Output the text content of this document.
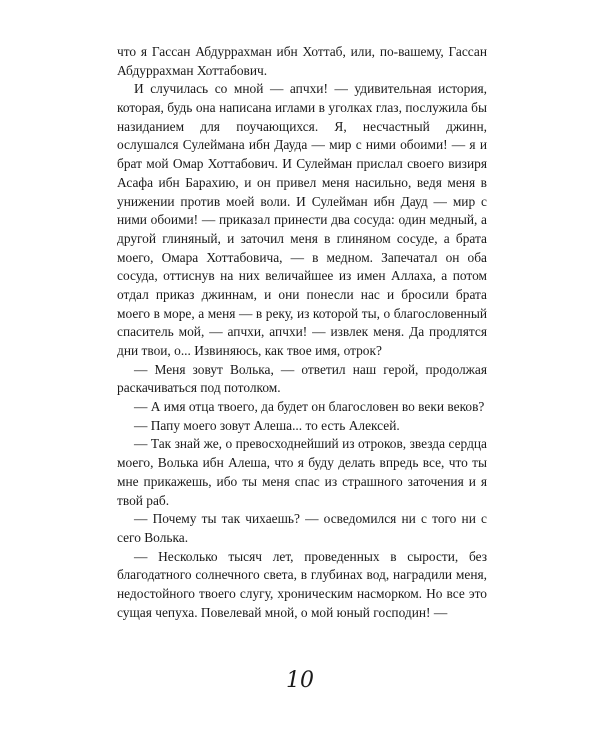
что я Гассан Абдуррахман ибн Хоттаб, или, по-вашему, Гассан Абдуррахман Хоттабович.

И случилась со мной — апчхи! — удивительная история, которая, будь она написана иглами в уголках глаз, послужила бы назиданием для поучающихся. Я, несчастный джинн, ослушался Сулеймана ибн Дауда — мир с ними обоими! — я и брат мой Омар Хоттабович. И Сулейман прислал своего визиря Асафа ибн Барахию, и он привел меня насильно, ведя меня в унижении против моей воли. И Сулейман ибн Дауд — мир с ними обоими! — приказал принести два сосуда: один медный, а другой глиняный, и заточил меня в глиняном сосуде, а брата моего, Омара Хоттабовича, — в медном. Запечатал он оба сосуда, оттиснув на них величайшее из имен Аллаха, а потом отдал приказ джиннам, и они понесли нас и бросили брата моего в море, а меня — в реку, из которой ты, о благословенный спаситель мой, — апчхи, апчхи! — извлек меня. Да продлятся дни твои, о... Извиняюсь, как твое имя, отрок?

— Меня зовут Волька, — ответил наш герой, продолжая раскачиваться под потолком.

— А имя отца твоего, да будет он благословен во веки веков?

— Папу моего зовут Алеша... то есть Алексей.

— Так знай же, о превосходнейший из отроков, звезда сердца моего, Волька ибн Алеша, что я буду делать впредь все, что ты мне прикажешь, ибо ты меня спас из страшного заточения и я твой раб.

— Почему ты так чихаешь? — осведомился ни с того ни с сего Волька.

— Несколько тысяч лет, проведенных в сырости, без благодатного солнечного света, в глубинах вод, наградили меня, недостойного твоего слугу, хроническим насморком. Но все это сущая чепуха. Повелевай мной, о мой юный господин! —

10
